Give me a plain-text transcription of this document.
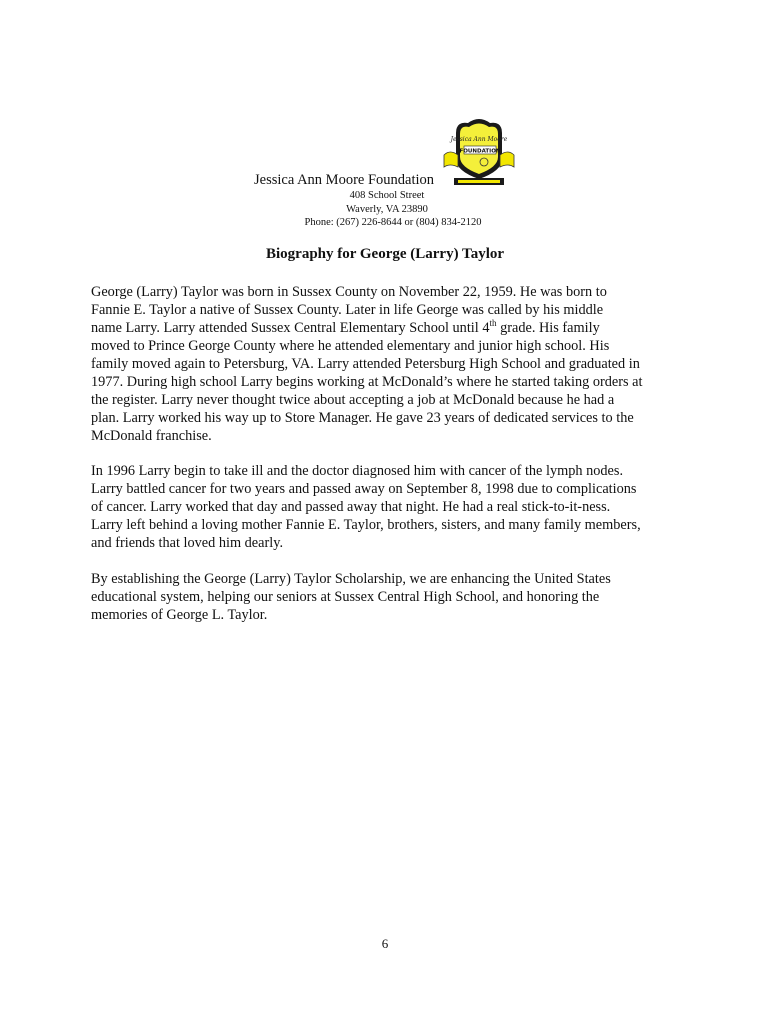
Jessica Ann Moore
FOUNDATION
Jessica Ann Moore Foundation
408 School Street
Waverly, VA 23890
Phone: (267) 226-8644 or (804) 834-2120
Biography for George (Larry) Taylor
George (Larry) Taylor was born in Sussex County on November 22, 1959. He was born to
Fannie E. Taylor a native of Sussex County. Later in life George was called by his middle
name Larry. Larry attended Sussex Central Elementary School until 4th grade. His family
moved to Prince George County where he attended elementary and junior high school. His
family moved again to Petersburg, VA. Larry attended Petersburg High School and graduated in
1977. During high school Larry begins working at McDonald’s where he started taking orders at
the register. Larry never thought twice about accepting a job at McDonald because he had a
plan. Larry worked his way up to Store Manager. He gave 23 years of dedicated services to the
McDonald franchise.
In 1996 Larry begin to take ill and the doctor diagnosed him with cancer of the lymph nodes.
Larry battled cancer for two years and passed away on September 8, 1998 due to complications
of cancer. Larry worked that day and passed away that night. He had a real stick-to-it-ness.
Larry left behind a loving mother Fannie E. Taylor, brothers, sisters, and many family members,
and friends that loved him dearly.
By establishing the George (Larry) Taylor Scholarship, we are enhancing the United States
educational system, helping our seniors at Sussex Central High School, and honoring the
memories of George L. Taylor.
6
